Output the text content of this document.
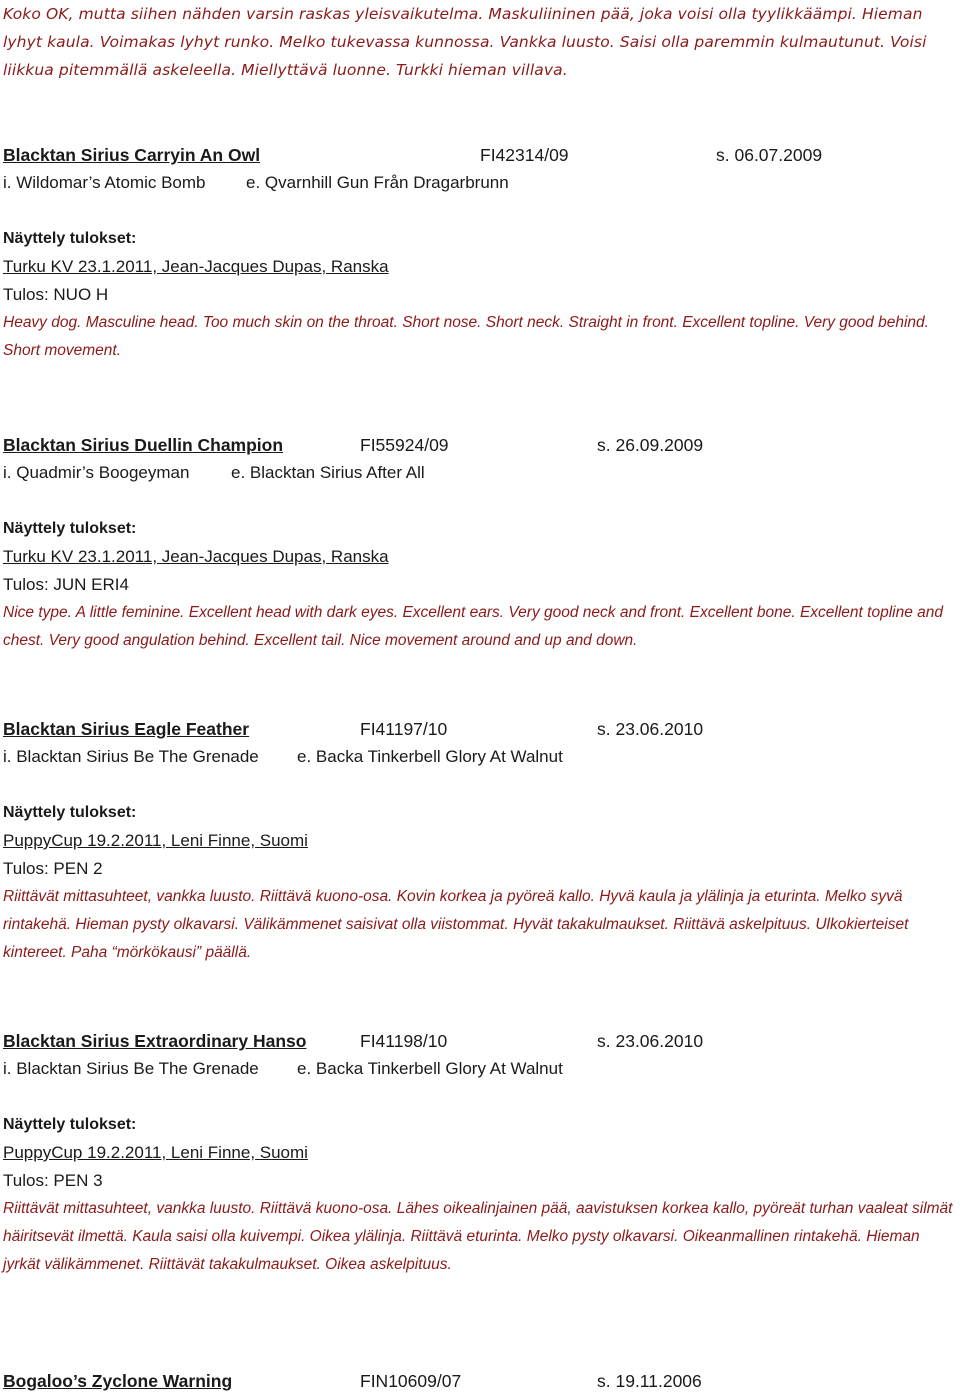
Koko OK, mutta siihen nähden varsin raskas yleisvaikutelma. Maskuliininen pää, joka voisi olla tyylikkäämpi. Hieman lyhyt kaula. Voimakas lyhyt runko. Melko tukevassa kunnossa. Vankka luusto. Saisi olla paremmin kulmautunut. Voisi liikkua pitemmällä askeleella. Miellyttävä luonne. Turkki hieman villava.
Blacktan Sirius Carryin An Owl	FI42314/09	s. 06.07.2009
i. Wildomar’s Atomic Bomb e. Qvarnhill Gun Från Dragarbrunn
Näyttely tulokset:
Turku KV 23.1.2011, Jean-Jacques Dupas, Ranska
Tulos: NUO H
Heavy dog. Masculine head. Too much skin on the throat. Short nose. Short neck. Straight in front. Excellent topline. Very good behind. Short movement.
Blacktan Sirius Duellin Champion	FI55924/09	s. 26.09.2009
i. Quadmir’s Boogeyman e. Blacktan Sirius After All
Näyttely tulokset:
Turku KV 23.1.2011, Jean-Jacques Dupas, Ranska
Tulos: JUN ERI4
Nice type. A little feminine. Excellent head with dark eyes. Excellent ears. Very good neck and front. Excellent bone. Excellent topline and chest. Very good angulation behind. Excellent tail. Nice movement around and up and down.
Blacktan Sirius Eagle Feather	FI41197/10	s. 23.06.2010
i. Blacktan Sirius Be The Grenade e. Backa Tinkerbell Glory At Walnut
Näyttely tulokset:
PuppyCup 19.2.2011, Leni Finne, Suomi
Tulos: PEN 2
Riittävät mittasuhteet, vankka luusto. Riittävä kuono-osa. Kovin korkea ja pyöreä kallo. Hyvä kaula ja ylälinja ja eturinta. Melko syvä rintakehä. Hieman pysty olkavarsi. Välikämmenet saisivat olla viistommat. Hyvät takakulmaukset. Riittävä askelpituus. Ulkokierteiset kintereet. Paha “mörkökausi” päällä.
Blacktan Sirius Extraordinary Hanso	FI41198/10	s. 23.06.2010
i. Blacktan Sirius Be The Grenade e. Backa Tinkerbell Glory At Walnut
Näyttely tulokset:
PuppyCup 19.2.2011, Leni Finne, Suomi
Tulos: PEN 3
Riittävät mittasuhteet, vankka luusto. Riittävä kuono-osa. Lähes oikealinjainen pää, aavistuksen korkea kallo, pyöreät turhan vaaleat silmät häiritsevät ilmettä. Kaula saisi olla kuivempi. Oikea ylälinja. Riittävä eturinta. Melko pysty olkavarsi. Oikeanmallinen rintakehä. Hieman jyrkät välikämmenet. Riittävät takakulmaukset. Oikea askelpituus.
Bogaloo’s Zyclone Warning	FIN10609/07	s. 19.11.2006
